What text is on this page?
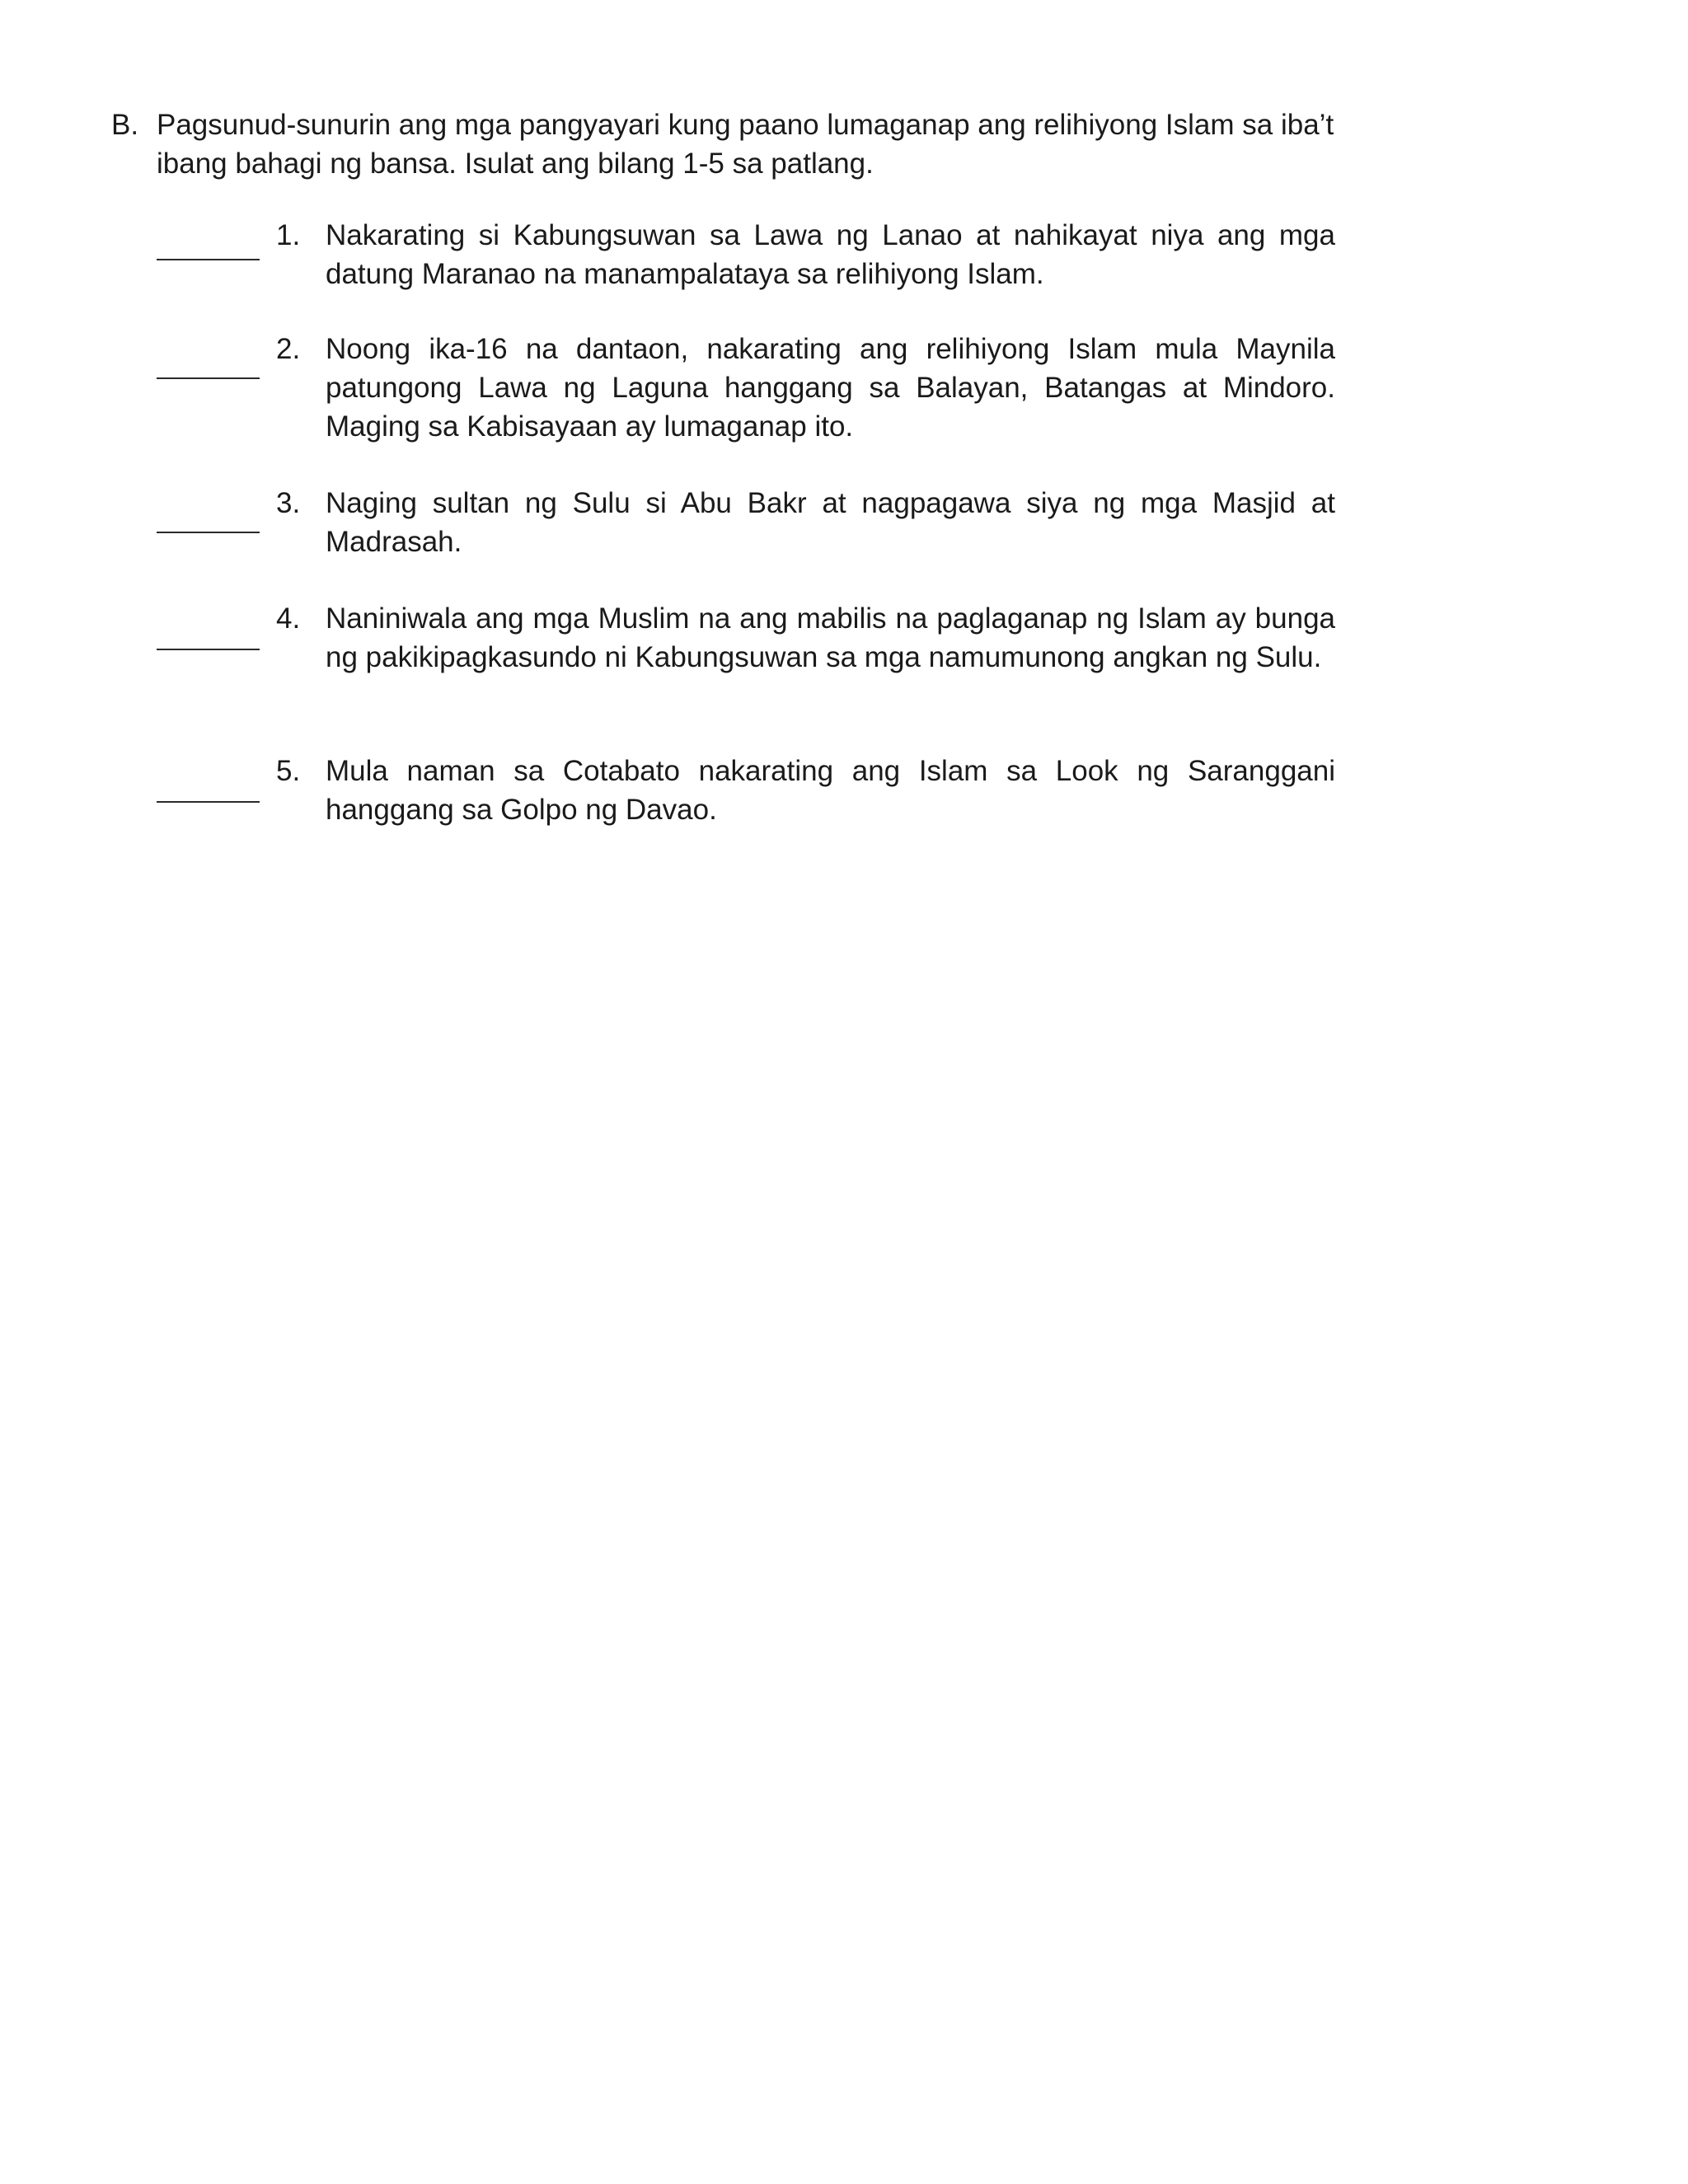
B. Pagsunud-sunurin ang mga pangyayari kung paano lumaganap ang relihiyong Islam sa iba’t ibang bahagi ng bansa. Isulat ang bilang 1-5 sa patlang.
1. Nakarating si Kabungsuwan sa Lawa ng Lanao at nahikayat niya ang mga datung Maranao na manampalataya sa relihiyong Islam.
2. Noong ika-16 na dantaon, nakarating ang relihiyong Islam mula Maynila patungong Lawa ng Laguna hanggang sa Balayan, Batangas at Mindoro. Maging sa Kabisayaan ay lumaganap ito.
3. Naging sultan ng Sulu si Abu Bakr at nagpagawa siya ng mga Masjid at Madrasah.
4. Naniniwala ang mga Muslim na ang mabilis na paglaganap ng Islam ay bunga ng pakikipagkasundo ni Kabungsuwan sa mga namumunong angkan ng Sulu.
5. Mula naman sa Cotabato nakarating ang Islam sa Look ng Saranggani hanggang sa Golpo ng Davao.
